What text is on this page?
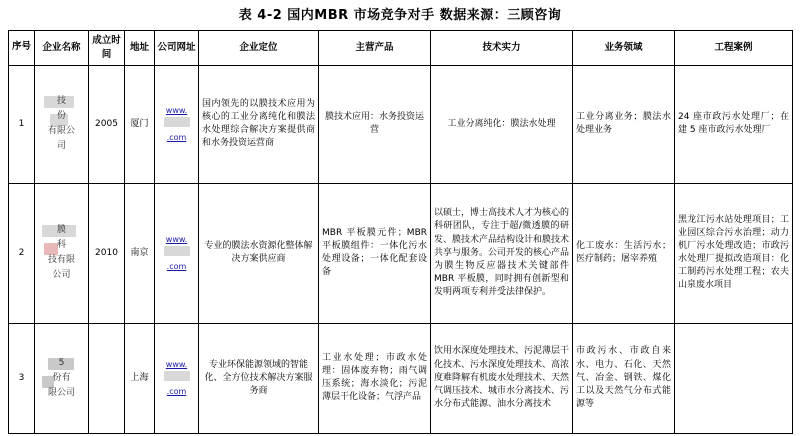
表 4-2 国内MBR 市场竞争对手 数据来源：三顾咨询
序号	企业名称	成立时间	地址	公司网址	企业定位	主营产品	技术实力	业务领域	工程案例
1	技
份
有限公
司	2005	厦门	www.
.com	国内领先的以膜技术应用为核心的工业分离纯化和膜法水处理综合解决方案提供商和水务投资运营商	膜技术应用：水务投资运营	工业分离纯化：膜法水处理	工业分离业务；膜法水处理业务	24 座市政污水处理厂；在建 5 座市政污水处理厂
2	膜
科
技有限
公司	2010	南京	www.
.com	专业的膜法水资源化整体解决方案供应商	MBR 平板膜元件；MBR 平板膜组件：一体化污水处理设备；一体化配套设备	以硕士，博士高技术人才为核心的科研团队，专注于超/微透膜的研发、膜技术产品结构设计和膜技术共享与服务。公司开发的核心产品为膜生物反应器技术关键部件MBR 平板膜，同时拥有创新型和发明两项专利并受法律保护。	化工废水：生活污水；医疗制药；屠宰养殖	黑龙江污水站处理项目；工业园区综合污水治理；动力机厂污水处理改造；市政污水处理厂提拟改造项目：化工制药污水处理工程；农夫山泉废水项目
3	5
份有
限公司		上海	www.
.com	专业环保能源领域的智能化、全方位技术解决方案服务商	工业水处理；市政水处理：固体废弃物；雨气调压系统；海水淡化；污泥薄层干化设备；气浮产品	饮用水深度处理技术、污泥薄层干化技术、污水深度处理技术、高浓度难降解有机废水处理技术、天然气调压技术、城市水分离技术、污水分布式能源、油水分离技术	市政污水、市政自来水、电力、石化、天然气、冶金、钢铁、煤化工以及天然气分布式能源等	
